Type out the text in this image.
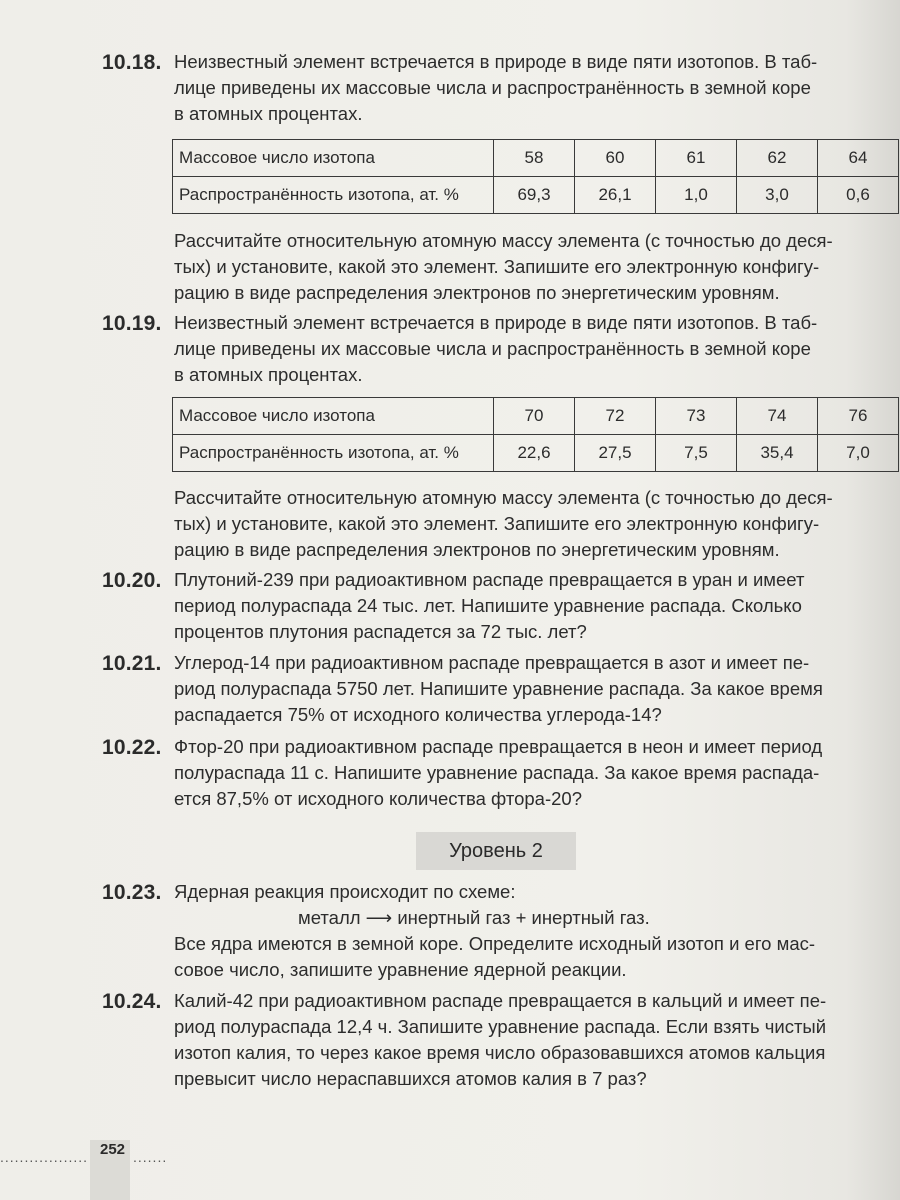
10.18. Неизвестный элемент встречается в природе в виде пяти изотопов. В таб-
лице приведены их массовые числа и распространённость в земной коре
в атомных процентах.
Массовое число изотопа	58	60	61	62	64
Распространённость изотопа, ат. %	69,3	26,1	1,0	3,0	0,6
Рассчитайте относительную атомную массу элемента (с точностью до деся-
тых) и установите, какой это элемент. Запишите его электронную конфигу-
рацию в виде распределения электронов по энергетическим уровням.
10.19. Неизвестный элемент встречается в природе в виде пяти изотопов. В таб-
лице приведены их массовые числа и распространённость в земной коре
в атомных процентах.
Массовое число изотопа	70	72	73	74	76
Распространённость изотопа, ат. %	22,6	27,5	7,5	35,4	7,0
Рассчитайте относительную атомную массу элемента (с точностью до деся-
тых) и установите, какой это элемент. Запишите его электронную конфигу-
рацию в виде распределения электронов по энергетическим уровням.
10.20. Плутоний-239 при радиоактивном распаде превращается в уран и имеет
период полураспада 24 тыс. лет. Напишите уравнение распада. Сколько
процентов плутония распадется за 72 тыс. лет?
10.21. Углерод-14 при радиоактивном распаде превращается в азот и имеет пе-
риод полураспада 5750 лет. Напишите уравнение распада. За какое время
распадается 75% от исходного количества углерода-14?
10.22. Фтор-20 при радиоактивном распаде превращается в неон и имеет период
полураспада 11 с. Напишите уравнение распада. За какое время распада-
ется 87,5% от исходного количества фтора-20?
Уровень 2
10.23. Ядерная реакция происходит по схеме:
металл ⟶ инертный газ + инертный газ.
Все ядра имеются в земной коре. Определите исходный изотоп и его мас-
совое число, запишите уравнение ядерной реакции.
10.24. Калий-42 при радиоактивном распаде превращается в кальций и имеет пе-
риод полураспада 12,4 ч. Запишите уравнение распада. Если взять чистый
изотоп калия, то через какое время число образовавшихся атомов кальция
превысит число нераспавшихся атомов калия в 7 раз?
.................. 252 .......
